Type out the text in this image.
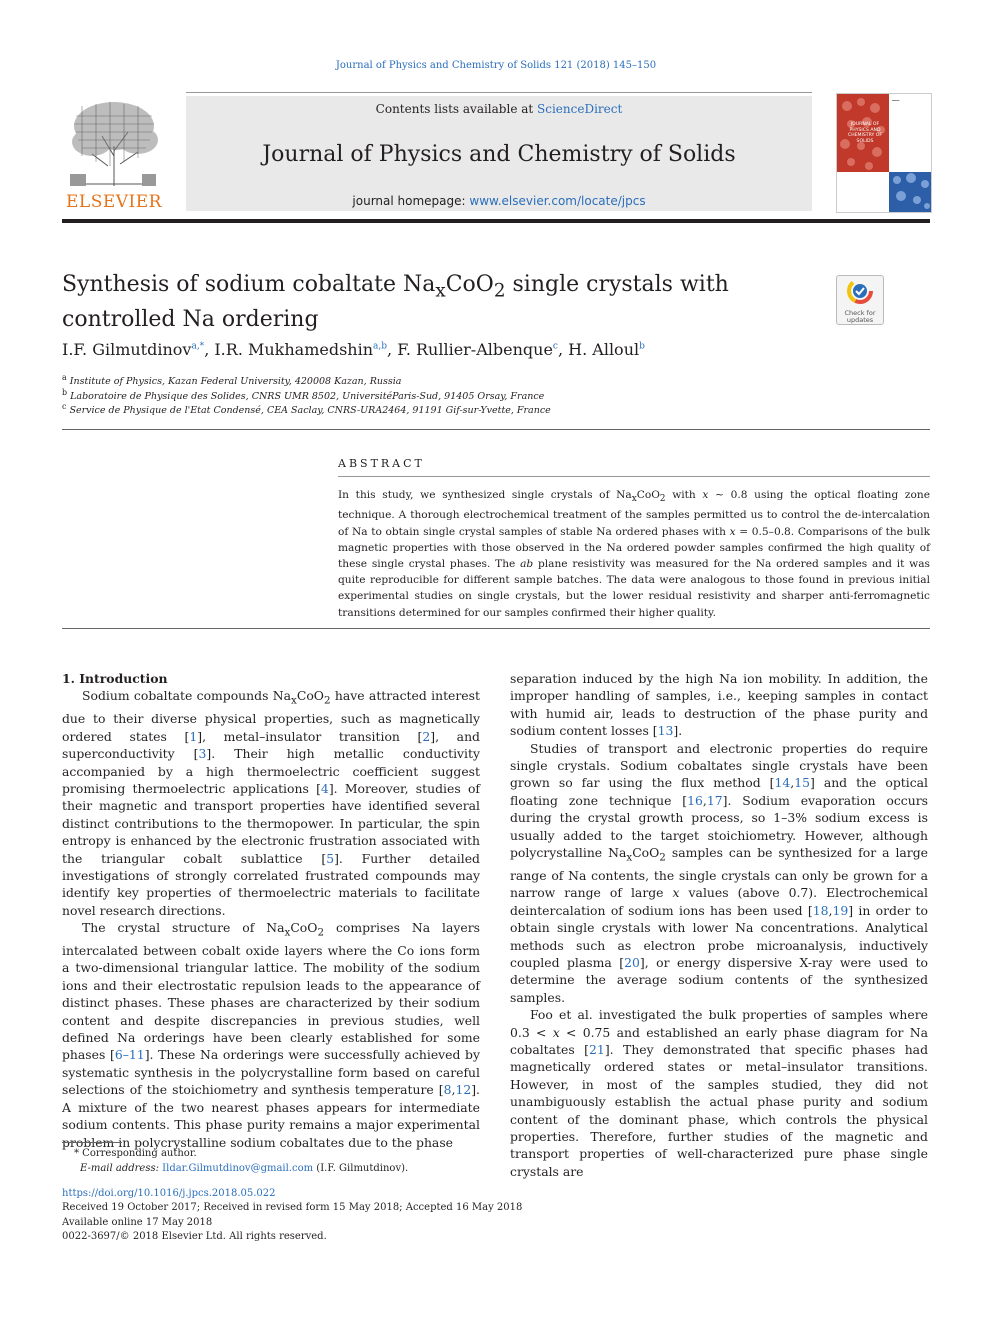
Journal of Physics and Chemistry of Solids 121 (2018) 145–150
Contents lists available at ScienceDirect
Journal of Physics and Chemistry of Solids
journal homepage: www.elsevier.com/locate/jpcs
ELSEVIER
━━━
JOURNAL OF PHYSICS AND CHEMISTRY OF SOLIDS
Synthesis of sodium cobaltate $Na_xCoO_2$ single crystals with controlled Na ordering	Check for updates
I.F. Gilmutdinov$^{a,*}$, I.R. Mukhamedshin$^{a,b}$, F. Rullier-Albenque$^c$, H. Alloul$^b$
$^a$ Institute of Physics, Kazan Federal University, 420008 Kazan, Russia
$^b$ Laboratoire de Physique des Solides, CNRS UMR 8502, UniversitéParis-Sud, 91405 Orsay, France
$^c$ Service de Physique de l'Etat Condensé, CEA Saclay, CNRS-URA2464, 91191 Gif-sur-Yvette, France
ABSTRACT
In this study, we synthesized single crystals of $Na_xCoO_2$ with x ∼ 0.8 using the optical floating zone technique. A thorough electrochemical treatment of the samples permitted us to control the de-intercalation of Na to obtain single crystal samples of stable Na ordered phases with x = 0.5–0.8. Comparisons of the bulk magnetic properties with those observed in the Na ordered powder samples confirmed the high quality of these single crystal phases. The ab plane resistivity was measured for the Na ordered samples and it was quite reproducible for different sample batches. The data were analogous to those found in previous initial experimental studies on single crystals, but the lower residual resistivity and sharper anti-ferromagnetic transitions determined for our samples confirmed their higher quality.

1. Introduction

Sodium cobaltate compounds $Na_xCoO_2$ have attracted interest due to their diverse physical properties, such as magnetically ordered states [1], metal–insulator transition [2], and superconductivity [3]. Their high metallic conductivity accompanied by a high thermoelectric coefficient suggest promising thermoelectric applications [4]. Moreover, studies of their magnetic and transport properties have identified several distinct contributions to the thermopower. In particular, the spin entropy is enhanced by the electronic frustration associated with the triangular cobalt sublattice [5]. Further detailed investigations of strongly correlated frustrated compounds may identify key properties of thermoelectric materials to facilitate novel research directions.

The crystal structure of $Na_xCoO_2$ comprises Na layers intercalated between cobalt oxide layers where the Co ions form a two-dimensional triangular lattice. The mobility of the sodium ions and their electrostatic repulsion leads to the appearance of distinct phases. These phases are characterized by their sodium content and despite discrepancies in previous studies, well defined Na orderings have been clearly established for some phases [6–11]. These Na orderings were successfully achieved by systematic synthesis in the polycrystalline form based on careful selections of the stoichiometry and synthesis temperature [8,12]. A mixture of the two nearest phases appears for intermediate sodium contents. This phase purity remains a major experimental problem in polycrystalline sodium cobaltates due to the phase

separation induced by the high Na ion mobility. In addition, the improper handling of samples, i.e., keeping samples in contact with humid air, leads to destruction of the phase purity and sodium content losses [13].

Studies of transport and electronic properties do require single crystals. Sodium cobaltates single crystals have been grown so far using the flux method [14,15] and the optical floating zone technique [16,17]. Sodium evaporation occurs during the crystal growth process, so 1–3% sodium excess is usually added to the target stoichiometry. However, although polycrystalline $Na_xCoO_2$ samples can be synthesized for a large range of Na contents, the single crystals can only be grown for a narrow range of large x values (above 0.7). Electrochemical deintercalation of sodium ions has been used [18,19] in order to obtain single crystals with lower Na concentrations. Analytical methods such as electron probe microanalysis, inductively coupled plasma [20], or energy dispersive X-ray were used to determine the average sodium contents of the synthesized samples.

Foo et al. investigated the bulk properties of samples where 0.3 < x < 0.75 and established an early phase diagram for Na cobaltates [21]. They demonstrated that specific phases had magnetically ordered states or metal–insulator transitions. However, in most of the samples studied, they did not unambiguously establish the actual phase purity and sodium content of the dominant phase, which controls the physical properties. Therefore, further studies of the magnetic and transport properties of well-characterized pure phase single crystals are

* Corresponding author.
E-mail address: Ildar.Gilmutdinov@gmail.com (I.F. Gilmutdinov).
https://doi.org/10.1016/j.jpcs.2018.05.022
Received 19 October 2017; Received in revised form 15 May 2018; Accepted 16 May 2018
Available online 17 May 2018
0022-3697/© 2018 Elsevier Ltd. All rights reserved.
